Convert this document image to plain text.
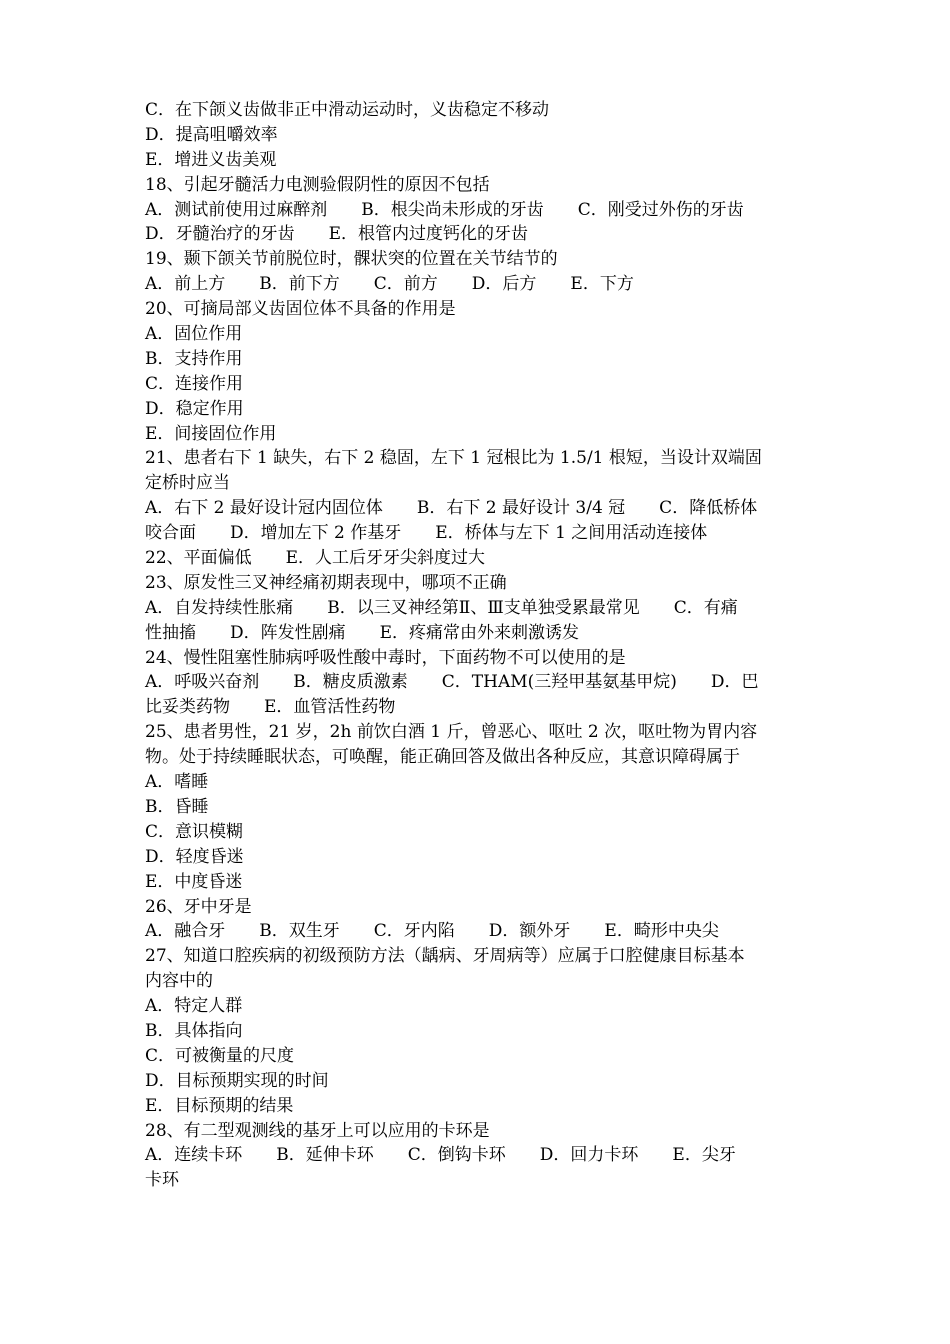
C．在下颌义齿做非正中滑动运动时，义齿稳定不移动
D．提高咀嚼效率
E．增进义齿美观
18、引起牙髓活力电测验假阴性的原因不包括
A．测试前使用过麻醉剂　　B．根尖尚未形成的牙齿　　C．刚受过外伤的牙齿
D．牙髓治疗的牙齿　　E．根管内过度钙化的牙齿
19、颞下颌关节前脱位时，髁状突的位置在关节结节的
A．前上方　　B．前下方　　C．前方　　D．后方　　E．下方
20、可摘局部义齿固位体不具备的作用是
A．固位作用
B．支持作用
C．连接作用
D．稳定作用
E．间接固位作用
21、患者右下 1 缺失，右下 2 稳固，左下 1 冠根比为 1.5/1 根短，当设计双端固
定桥时应当
A．右下 2 最好设计冠内固位体　　B．右下 2 最好设计 3/4 冠　　C．降低桥体
咬合面　　D．增加左下 2 作基牙　　E．桥体与左下 1 之间用活动连接体
22、平面偏低　　E．人工后牙牙尖斜度过大
23、原发性三叉神经痛初期表现中，哪项不正确
A．自发持续性胀痛　　B．以三叉神经第Ⅱ、Ⅲ支单独受累最常见　　C．有痛
性抽搐　　D．阵发性剧痛　　E．疼痛常由外来刺激诱发
24、慢性阻塞性肺病呼吸性酸中毒时，下面药物不可以使用的是
A．呼吸兴奋剂　　B．糖皮质激素　　C．THAM(三羟甲基氨基甲烷)　　D．巴
比妥类药物　　E．血管活性药物
25、患者男性，21 岁，2h 前饮白酒 1 斤，曾恶心、呕吐 2 次，呕吐物为胃内容
物。处于持续睡眠状态，可唤醒，能正确回答及做出各种反应，其意识障碍属于
A．嗜睡
B．昏睡
C．意识模糊
D．轻度昏迷
E．中度昏迷
26、牙中牙是
A．融合牙　　B．双生牙　　C．牙内陷　　D．额外牙　　E．畸形中央尖
27、知道口腔疾病的初级预防方法（龋病、牙周病等）应属于口腔健康目标基本
内容中的
A．特定人群
B．具体指向
C．可被衡量的尺度
D．目标预期实现的时间
E．目标预期的结果
28、有二型观测线的基牙上可以应用的卡环是
A．连续卡环　　B．延伸卡环　　C．倒钩卡环　　D．回力卡环　　E．尖牙
卡环
